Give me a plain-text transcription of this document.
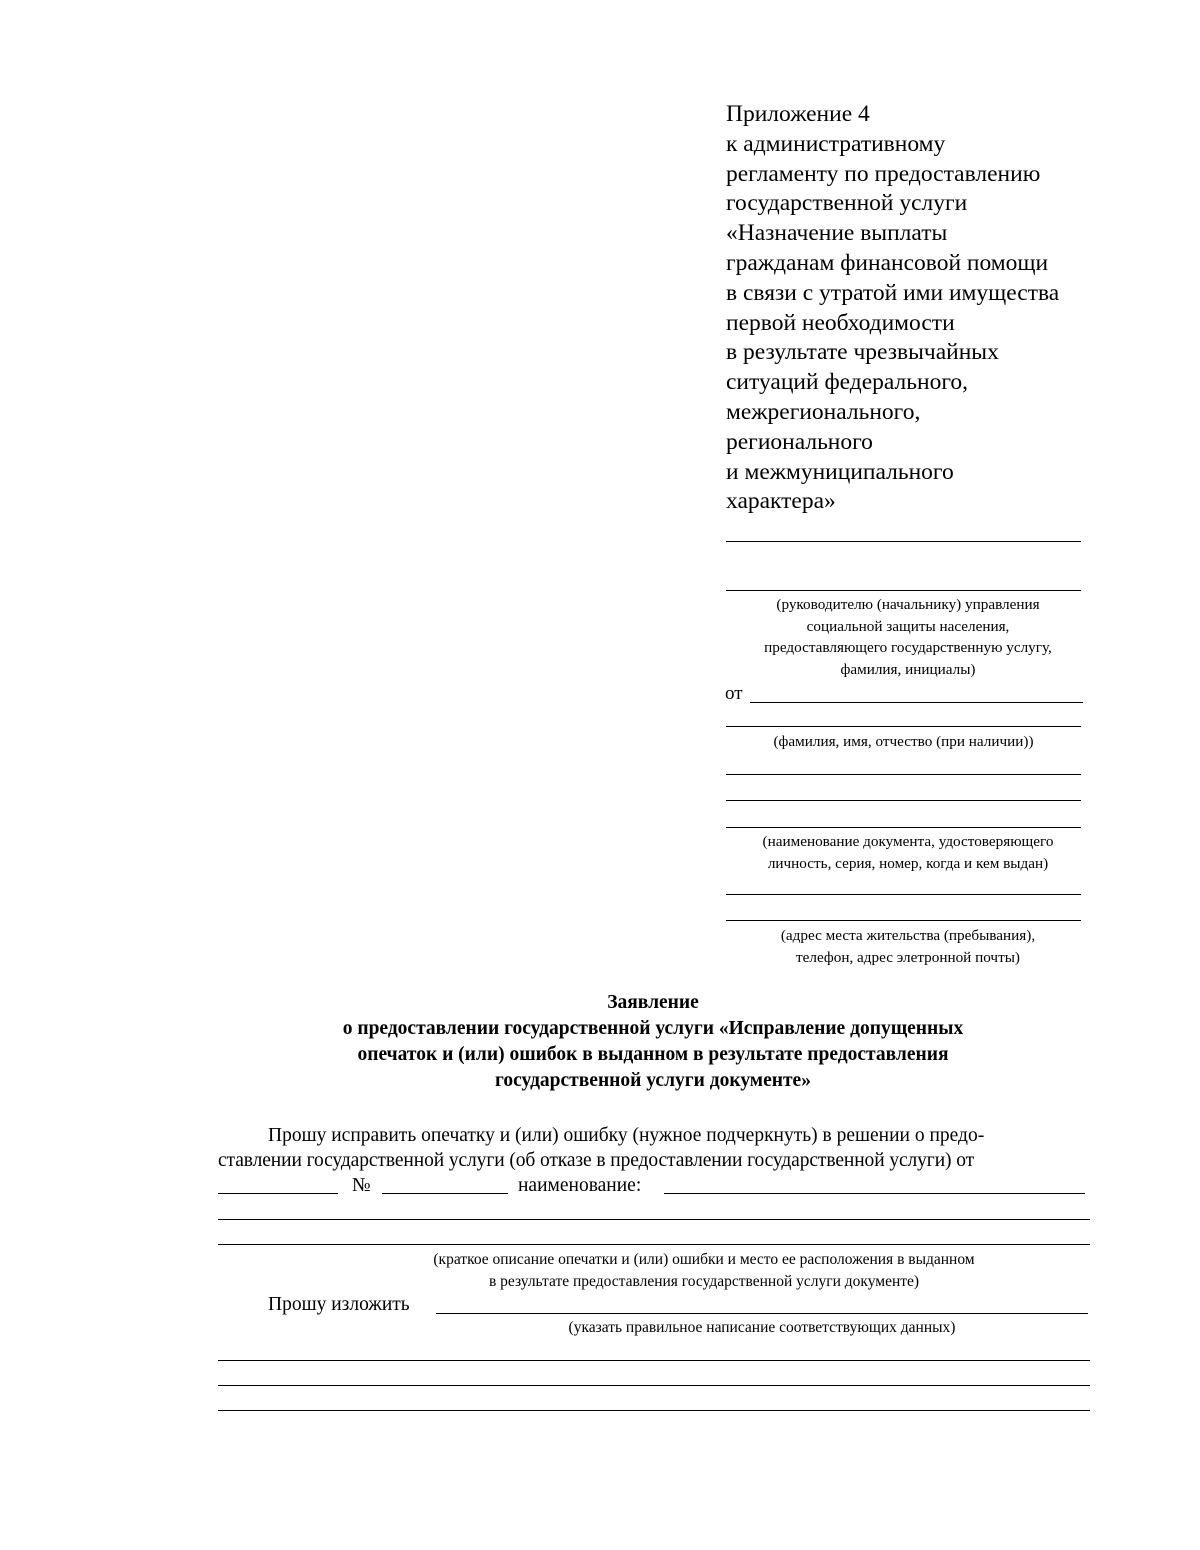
Приложение 4
к административному
регламенту по предоставлению
государственной услуги
«Назначение выплаты
гражданам финансовой помощи
в связи с утратой ими имущества
первой необходимости
в результате чрезвычайных
ситуаций федерального,
межрегионального,
регионального
и межмуниципального
характера»
(руководителю (начальнику) управления
социальной защиты населения,
предоставляющего государственную услугу,
фамилия, инициалы)
от
(фамилия, имя, отчество (при наличии))
(наименование документа, удостоверяющего
личность, серия, номер, когда и кем выдан)
(адрес места жительства (пребывания),
телефон, адрес элетронной почты)
Заявление
о предоставлении государственной услуги «Исправление допущенных
опечаток и (или) ошибок в выданном в результате предоставления
государственной услуги документе»
Прошу исправить опечатку и (или) ошибку (нужное подчеркнуть) в решении о предо-
ставлении государственной услуги (об отказе в предоставлении государственной услуги) от
№	наименование:
(краткое описание опечатки и (или) ошибки и место ее расположения в выданном
в результате предоставления государственной услуги документе)
Прошу изложить
(указать правильное написание соответствующих данных)
